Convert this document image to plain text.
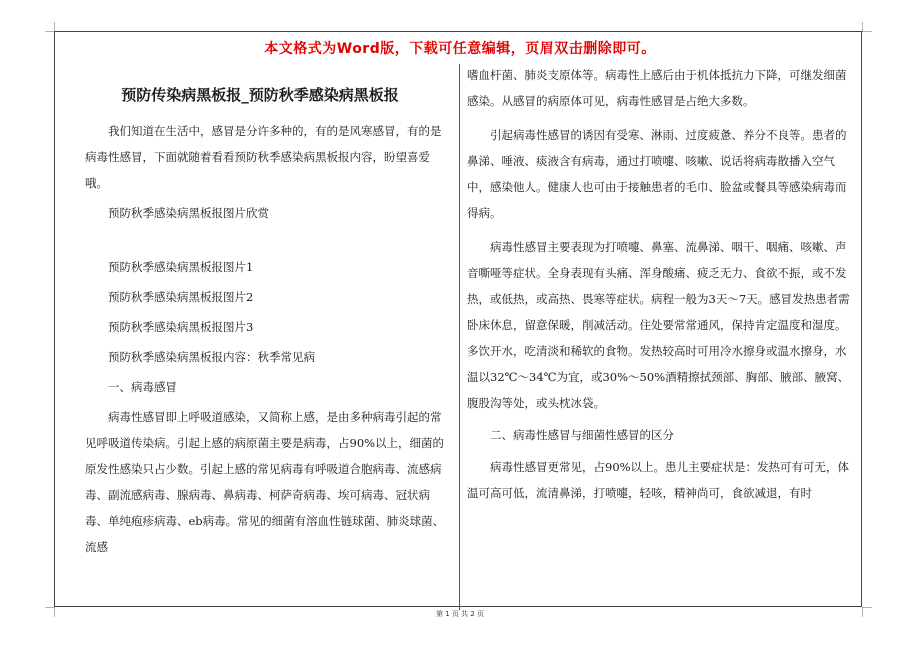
本文格式为Word版，下载可任意编辑，页眉双击删除即可。
预防传染病黑板报_预防秋季感染病黑板报

我们知道在生活中，感冒是分许多种的，有的是风寒感冒，有的是病毒性感冒，下面就随着看看预防秋季感染病黑板报内容，盼望喜爱哦。

预防秋季感染病黑板报图片欣赏

预防秋季感染病黑板报图片1

预防秋季感染病黑板报图片2

预防秋季感染病黑板报图片3

预防秋季感染病黑板报内容：秋季常见病

一、病毒感冒

病毒性感冒即上呼吸道感染，又简称上感，是由多种病毒引起的常见呼吸道传染病。引起上感的病原菌主要是病毒，占90%以上，细菌的原发性感染只占少数。引起上感的常见病毒有呼吸道合胞病毒、流感病毒、副流感病毒、腺病毒、鼻病毒、柯萨奇病毒、埃可病毒、冠状病毒、单纯疱疹病毒、eb病毒。常见的细菌有溶血性链球菌、肺炎球菌、流感

嗜血杆菌、肺炎支原体等。病毒性上感后由于机体抵抗力下降，可继发细菌感染。从感冒的病原体可见，病毒性感冒是占绝大多数。

引起病毒性感冒的诱因有受寒、淋雨、过度疲惫、养分不良等。患者的鼻涕、唾液、痰液含有病毒，通过打喷嚏、咳嗽、说话将病毒散播入空气中，感染他人。健康人也可由于接触患者的毛巾、脸盆或餐具等感染病毒而得病。

病毒性感冒主要表现为打喷嚏、鼻塞、流鼻涕、咽干、咽痛、咳嗽、声音嘶哑等症状。全身表现有头痛、浑身酸痛、疲乏无力、食欲不振，或不发热，或低热，或高热、畏寒等症状。病程一般为3天～7天。感冒发热患者需卧床休息，留意保暖，削减活动。住处要常常通风，保持肯定温度和湿度。多饮开水，吃清淡和稀软的食物。发热较高时可用冷水擦身或温水擦身，水温以32℃～34℃为宜，或30%～50%酒精擦拭颈部、胸部、腋部、腋窝、腹股沟等处，或头枕冰袋。

二、病毒性感冒与细菌性感冒的区分

病毒性感冒更常见，占90%以上。患儿主要症状是：发热可有可无，体温可高可低，流清鼻涕，打喷嚏，轻咳，精神尚可，食欲减退，有时

第 1 页 共 2 页
